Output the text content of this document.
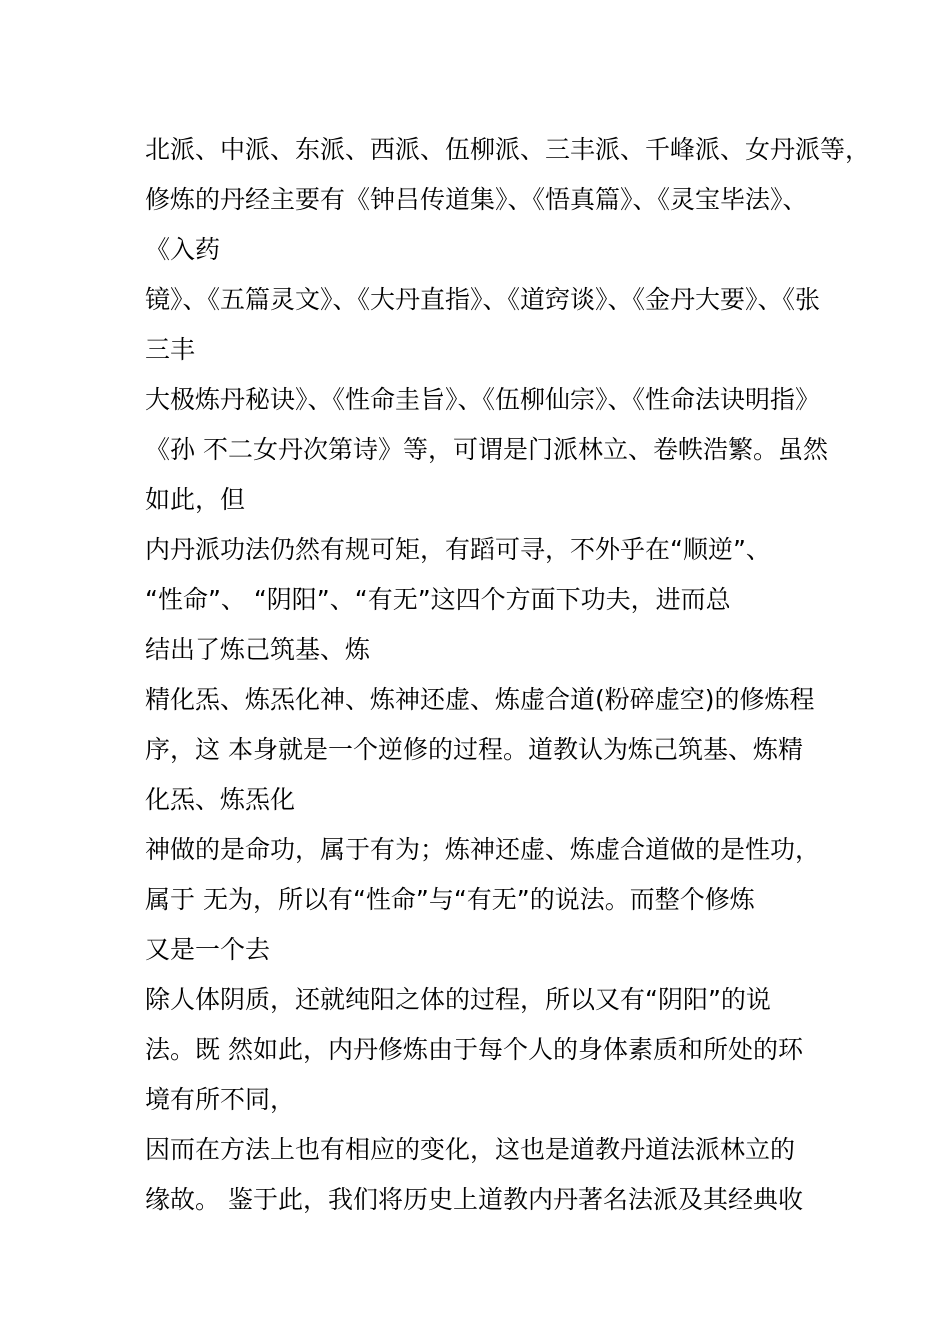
北派、中派、东派、西派、伍柳派、三丰派、千峰派、女丹派等，
修炼的丹经主要有《钟吕传道集》、《悟真篇》、《灵宝毕法》、
《入药
镜》、《五篇灵文》、《大丹直指》、《道窍谈》、《金丹大要》、《张
三丰
大极炼丹秘诀》、《性命圭旨》、《伍柳仙宗》、《性命法诀明指》
《孙 不二女丹次第诗》等，可谓是门派林立、卷帙浩繁。虽然
如此，但
内丹派功法仍然有规可矩，有蹈可寻，不外乎在“顺逆”、
“性命”、 “阴阳”、“有无”这四个方面下功夫，进而总
结出了炼己筑基、炼
精化炁、炼炁化神、炼神还虚、炼虚合道(粉碎虚空)的修炼程
序，这 本身就是一个逆修的过程。道教认为炼己筑基、炼精
化炁、炼炁化
神做的是命功，属于有为；炼神还虚、炼虚合道做的是性功，
属于 无为，所以有“性命”与“有无”的说法。而整个修炼
又是一个去
除人体阴质，还就纯阳之体的过程，所以又有“阴阳”的说
法。既 然如此，内丹修炼由于每个人的身体素质和所处的环
境有所不同，
因而在方法上也有相应的变化，这也是道教丹道法派林立的
缘故。 鉴于此，我们将历史上道教内丹著名法派及其经典收
